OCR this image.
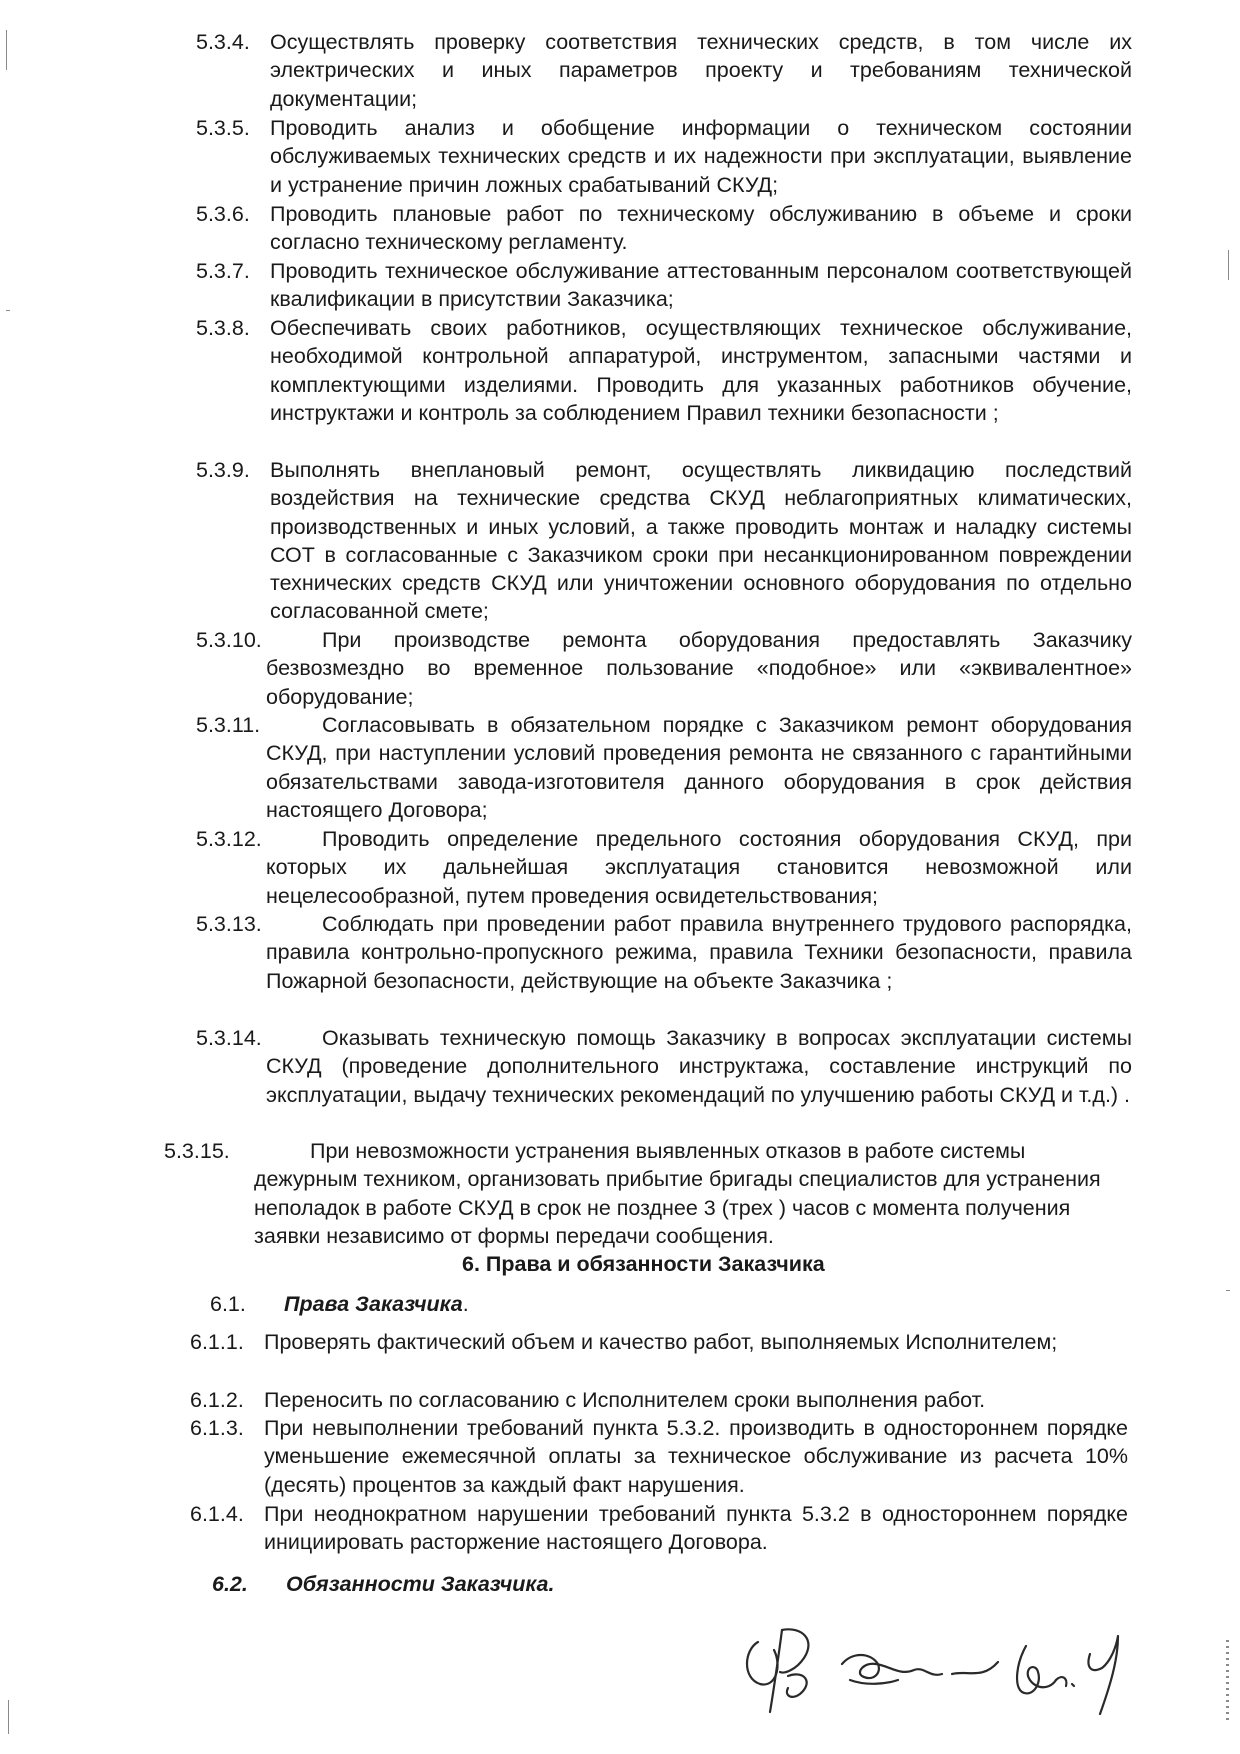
5.3.4. Осуществлять проверку соответствия технических средств, в том числе их электрических и иных параметров проекту и требованиям технической документации;
5.3.5. Проводить анализ и обобщение информации о техническом состоянии обслуживаемых технических средств и их надежности при эксплуатации, выявление и устранение причин ложных срабатываний СКУД;
5.3.6. Проводить плановые работ по техническому обслуживанию в объеме и сроки согласно техническому регламенту.
5.3.7. Проводить техническое обслуживание аттестованным персоналом соответствующей квалификации в присутствии Заказчика;
5.3.8. Обеспечивать своих работников, осуществляющих техническое обслуживание, необходимой контрольной аппаратурой, инструментом, запасными частями и комплектующими изделиями. Проводить для указанных работников обучение, инструктажи и контроль за соблюдением Правил техники безопасности ;
5.3.9. Выполнять внеплановый ремонт, осуществлять ликвидацию последствий воздействия на технические средства СКУД неблагоприятных климатических, производственных и иных условий, а также проводить монтаж и наладку системы СОТ в согласованные с Заказчиком сроки при несанкционированном повреждении технических средств СКУД или уничтожении основного оборудования по отдельно согласованной смете;
5.3.10.	При производстве ремонта оборудования предоставлять Заказчику безвозмездно во временное пользование «подобное» или «эквивалентное» оборудование;
5.3.11.	Согласовывать в обязательном порядке с Заказчиком ремонт оборудования СКУД, при наступлении условий проведения ремонта не связанного с гарантийными обязательствами завода-изготовителя данного оборудования в срок действия настоящего Договора;
5.3.12.	Проводить определение предельного состояния оборудования СКУД, при которых их дальнейшая эксплуатация становится невозможной или нецелесообразной, путем проведения освидетельствования;
5.3.13.	Соблюдать при проведении работ правила внутреннего трудового распорядка, правила контрольно-пропускного режима, правила Техники безопасности, правила Пожарной безопасности, действующие на объекте Заказчика ;
5.3.14.	Оказывать техническую помощь Заказчику в вопросах эксплуатации системы СКУД (проведение дополнительного инструктажа, составление инструкций по эксплуатации, выдачу технических рекомендаций по улучшению работы СКУД и т.д.) .
5.3.15.	При невозможности устранения выявленных отказов в работе системы дежурным техником, организовать прибытие бригады специалистов для устранения неполадок в работе СКУД в срок не позднее 3 (трех ) часов с момента получения заявки независимо от формы передачи сообщения.
6. Права и обязанности Заказчика
6.1. Права Заказчика.
6.1.1. Проверять фактический объем и качество работ, выполняемых Исполнителем;
6.1.2. Переносить по согласованию с Исполнителем сроки выполнения работ.
6.1.3. При невыполнении требований пункта 5.3.2. производить в одностороннем порядке уменьшение ежемесячной оплаты за техническое обслуживание из расчета 10% (десять) процентов за каждый факт нарушения.
6.1.4. При неоднократном нарушении требований пункта 5.3.2 в одностороннем порядке инициировать расторжение настоящего Договора.
6.2. Обязанности Заказчика.
